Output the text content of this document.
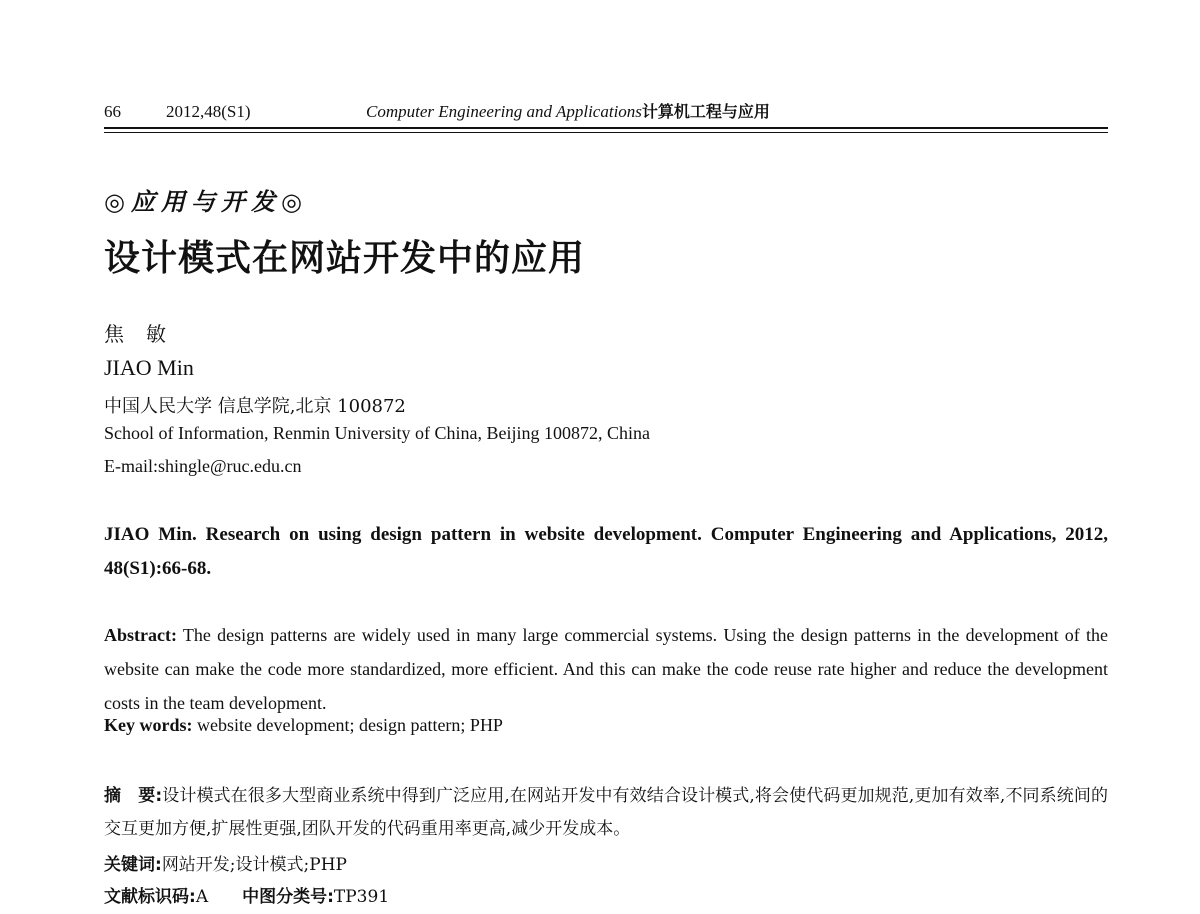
66	2012,48(S1)	Computer Engineering and Applications计算机工程与应用
◎应用与开发◎
设计模式在网站开发中的应用
焦敏
JIAO Min
中国人民大学 信息学院,北京 100872
School of Information, Renmin University of China, Beijing 100872, China
E-mail:shingle@ruc.edu.cn
JIAO Min. Research on using design pattern in website development. Computer Engineering and Applications, 2012, 48(S1):66-68.
Abstract: The design patterns are widely used in many large commercial systems. Using the design patterns in the development of the website can make the code more standardized, more efficient. And this can make the code reuse rate higher and reduce the development costs in the team development.
Key words: website development; design pattern; PHP
摘　要:设计模式在很多大型商业系统中得到广泛应用,在网站开发中有效结合设计模式,将会使代码更加规范,更加有效率,不同系统间的交互更加方便,扩展性更强,团队开发的代码重用率更高,减少开发成本。
关键词:网站开发;设计模式;PHP
文献标识码:A 中图分类号:TP391
